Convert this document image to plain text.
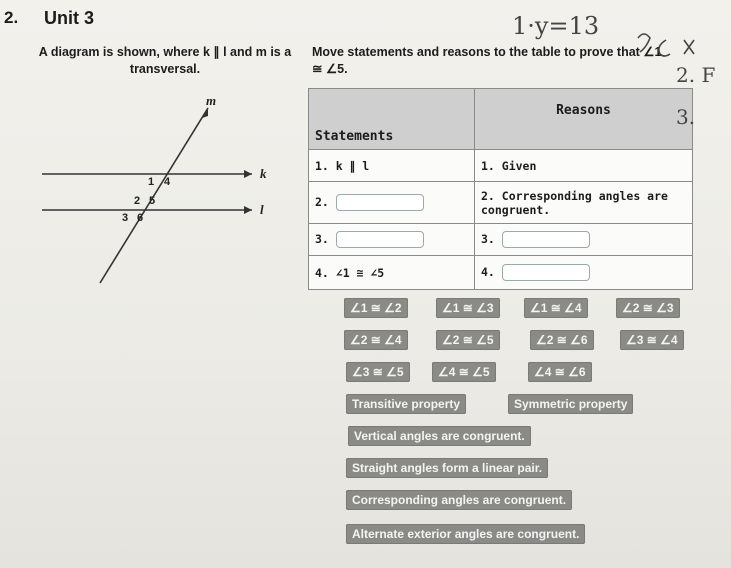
2. Unit 3
A diagram is shown, where k ∥ l and m is a transversal.
Move statements and reasons to the table to prove that ∠1 ≅ ∠5.
m
k
l
1 4
2 5
3 6
Statements	Reasons
1. k ∥ l	1. Given
2.	2. Corresponding angles are congruent.
3.	3.
4. ∠1 ≅ ∠5	4.
∠1 ≅ ∠2	∠1 ≅ ∠3	∠1 ≅ ∠4	∠2 ≅ ∠3
∠2 ≅ ∠4	∠2 ≅ ∠5	∠2 ≅ ∠6	∠3 ≅ ∠4
∠3 ≅ ∠5	∠4 ≅ ∠5	∠4 ≅ ∠6
Transitive property	Symmetric property
Vertical angles are congruent.
Straight angles form a linear pair.
Corresponding angles are congruent.
Alternate exterior angles are congruent.
1·y=13
2. F
3.
